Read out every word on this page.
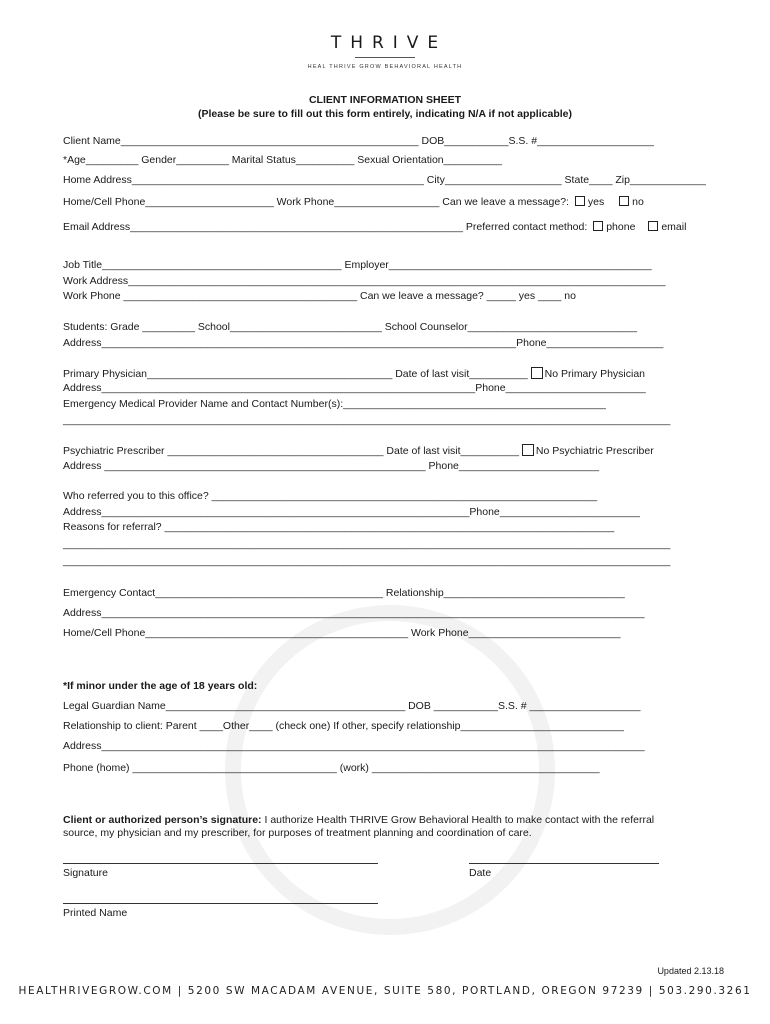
THRIVE
HEAL THRIVE GROW BEHAVIORAL HEALTH
CLIENT INFORMATION SHEET
(Please be sure to fill out this form entirely, indicating N/A if not applicable)
Client Name___________________________________________________ DOB___________S.S. #____________________
*Age_________ Gender_________ Marital Status__________ Sexual Orientation__________
Home Address__________________________________________________ City____________________ State____ Zip_____________
Home/Cell Phone______________________ Work Phone__________________ Can we leave a message?: yes	no
Email Address_________________________________________________________ Preferred contact method: phone email
Job Title_________________________________________ Employer_____________________________________________
Work Address____________________________________________________________________________________________
Work Phone ________________________________________ Can we leave a message? _____ yes ____ no
Students: Grade _________ School__________________________ School Counselor_____________________________
Address_______________________________________________________________________Phone____________________
Primary Physician__________________________________________ Date of last visit__________ No Primary Physician
Address________________________________________________________________Phone________________________
Emergency Medical Provider Name and Contact Number(s):_____________________________________________
________________________________________________________________________________________________________
Psychiatric Prescriber _____________________________________ Date of last visit__________ No Psychiatric Prescriber
Address _______________________________________________________ Phone________________________
Who referred you to this office? __________________________________________________________________
Address_______________________________________________________________Phone________________________
Reasons for referral? _____________________________________________________________________________
________________________________________________________________________________________________________
________________________________________________________________________________________________________
Emergency Contact_______________________________________ Relationship_______________________________
Address_____________________________________________________________________________________________
Home/Cell Phone_____________________________________________ Work Phone__________________________
*If minor under the age of 18 years old:
Legal Guardian Name_________________________________________ DOB ___________S.S. # ___________________
Relationship to client: Parent ____Other____ (check one) If other, specify relationship____________________________
Address_____________________________________________________________________________________________
Phone (home) ___________________________________ (work) _______________________________________
Client or authorized person’s signature: I authorize Health THRIVE Grow Behavioral Health to make contact with the referral
source, my physician and my prescriber, for purposes of treatment planning and coordination of care.
Signature	Date
Printed Name
Updated 2.13.18
HEALTHRIVEGROW.COM | 5200 SW MACADAM AVENUE, SUITE 580, PORTLAND, OREGON 97239 | 503.290.3261
